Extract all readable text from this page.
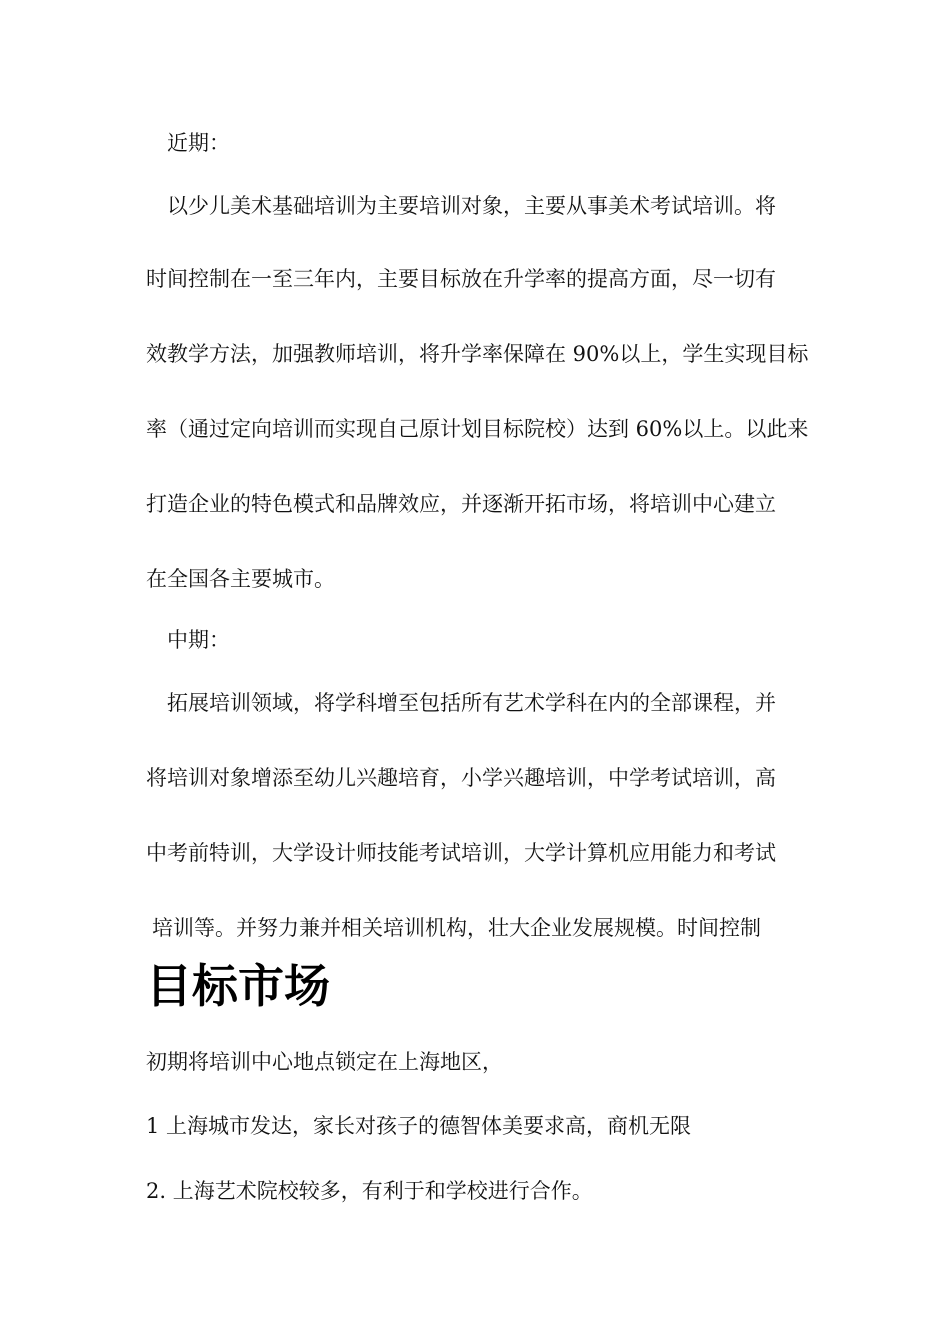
近期：
以少儿美术基础培训为主要培训对象，主要从事美术考试培训。将
时间控制在一至三年内，主要目标放在升学率的提高方面，尽一切有
效教学方法，加强教师培训，将升学率保障在 90%以上，学生实现目标
率（通过定向培训而实现自己原计划目标院校）达到 60%以上。以此来
打造企业的特色模式和品牌效应，并逐渐开拓市场，将培训中心建立
在全国各主要城市。
中期：
拓展培训领域，将学科增至包括所有艺术学科在内的全部课程，并
将培训对象增添至幼儿兴趣培育，小学兴趣培训，中学考试培训，高
中考前特训，大学设计师技能考试培训，大学计算机应用能力和考试
培训等。并努力兼并相关培训机构，壮大企业发展规模。时间控制
目标市场
初期将培训中心地点锁定在上海地区，
1 上海城市发达，家长对孩子的德智体美要求高，商机无限
2. 上海艺术院校较多，有利于和学校进行合作。
